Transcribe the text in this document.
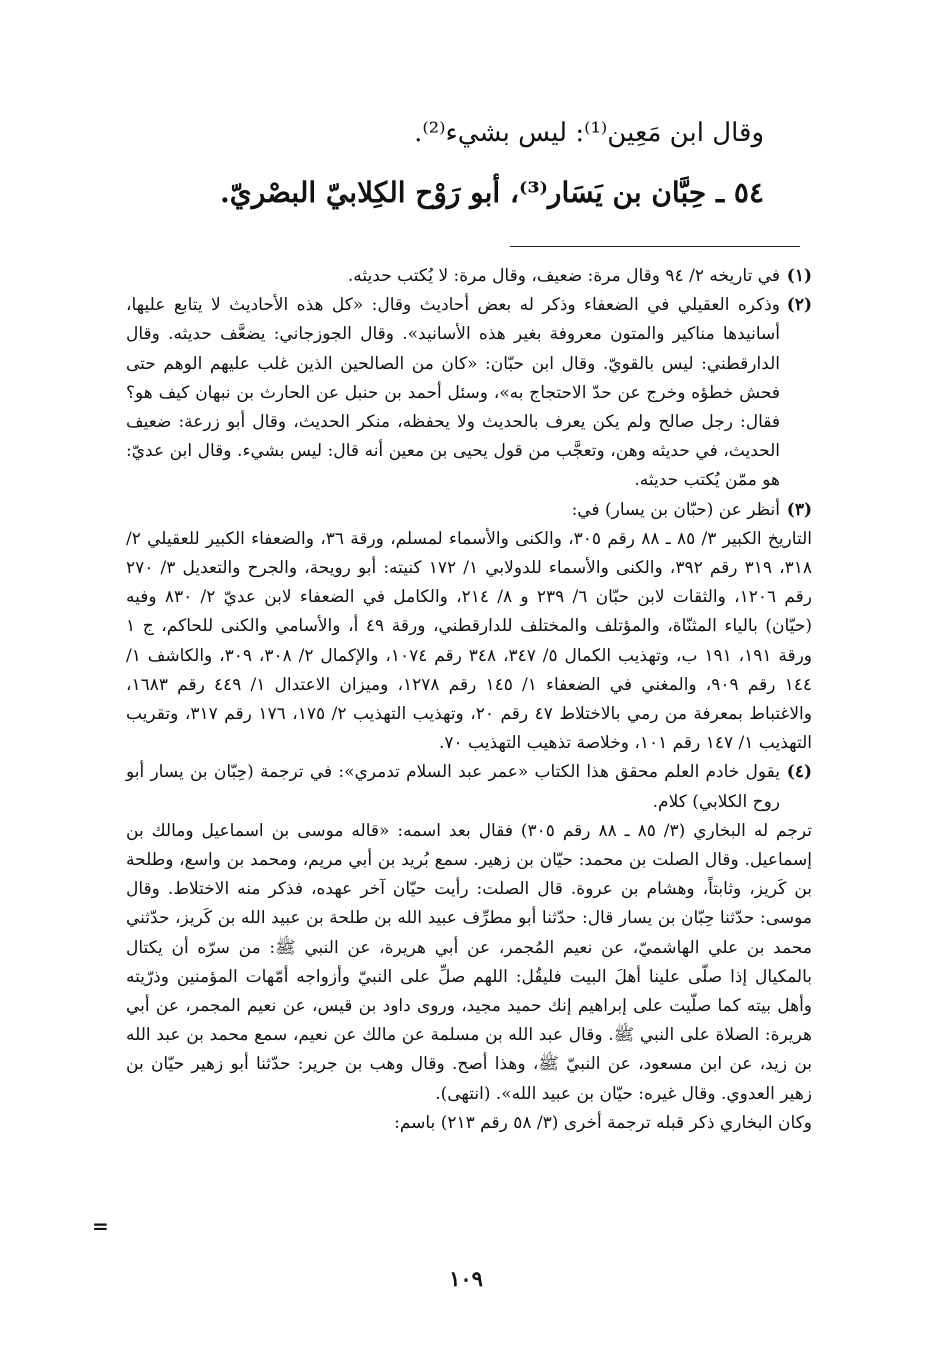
وقال ابن مَعِين⁽¹⁾: ليس بشيء⁽²⁾.
٥٤ ـ حِبَّان بن يَسَار⁽³⁾، أبو رَوْح الكِلابيّ البصْريّ.
(١)
في تاريخه ٢/ ٩٤ وقال مرة: ضعيف، وقال مرة: لا يُكتب حديثه.
(٢)
وذكره العقيلي في الضعفاء وذكر له بعض أحاديث وقال: «كل هذه الأحاديث لا يتابع عليها، أسانيدها مناكير والمتون معروفة بغير هذه الأسانيد». وقال الجوزجاني: يضعَّف حديثه. وقال الدارقطني: ليس بالقويّ. وقال ابن حبّان: «كان من الصالحين الذين غلب عليهم الوهم حتى فحش خطؤه وخرج عن حدّ الاحتجاج به»، وسئل أحمد بن حنبل عن الحارث بن نبهان كيف هو؟ فقال: رجل صالح ولم يكن يعرف بالحديث ولا يحفظه، منكر الحديث، وقال أبو زرعة: ضعيف الحديث، في حديثه وهن، وتعجَّب من قول يحيى بن معين أنه قال: ليس بشيء. وقال ابن عديّ: هو ممّن يُكتب حديثه.
(٣)
أنظر عن (حبّان بن يسار) في:
التاريخ الكبير ٣/ ٨٥ ـ ٨٨ رقم ٣٠٥، والكنى والأسماء لمسلم، ورقة ٣٦، والضعفاء الكبير للعقيلي ٢/ ٣١٨، ٣١٩ رقم ٣٩٢، والكنى والأسماء للدولابي ١/ ١٧٢ كنيته: أبو رويحة، والجرح والتعديل ٣/ ٢٧٠ رقم ١٢٠٦، والثقات لابن حبّان ٦/ ٢٣٩ و ٨/ ٢١٤، والكامل في الضعفاء لابن عديّ ٢/ ٨٣٠ وفيه (حيّان) بالياء المثنّاة، والمؤتلف والمختلف للدارقطني، ورقة ٤٩ أ، والأسامي والكنى للحاكم، ج ١ ورقة ١٩١، ١٩١ ب، وتهذيب الكمال ٥/ ٣٤٧، ٣٤٨ رقم ١٠٧٤، والإكمال ٢/ ٣٠٨، ٣٠٩، والكاشف ١/ ١٤٤ رقم ٩٠٩، والمغني في الضعفاء ١/ ١٤٥ رقم ١٢٧٨، وميزان الاعتدال ١/ ٤٤٩ رقم ١٦٨٣، والاغتباط بمعرفة من رمي بالاختلاط ٤٧ رقم ٢٠، وتهذيب التهذيب ٢/ ١٧٥، ١٧٦ رقم ٣١٧، وتقريب التهذيب ١/ ١٤٧ رقم ١٠١، وخلاصة تذهيب التهذيب ٧٠.
(٤)
يقول خادم العلم محقق هذا الكتاب «عمر عبد السلام تدمري»: في ترجمة (حِبّان بن يسار أبو روح الكلابي) كلام.
ترجم له البخاري (٣/ ٨٥ ـ ٨٨ رقم ٣٠٥) فقال بعد اسمه: «قاله موسى بن اسماعيل ومالك بن إسماعيل. وقال الصلت بن محمد: حيّان بن زهير. سمع بُريد بن أبي مريم، ومحمد بن واسع، وطلحة بن كَريز، وثابتاً، وهشام بن عروة. قال الصلت: رأيت حيّان آخر عهده، فذكر منه الاختلاط. وقال موسى: حدّثنا حِبّان بن يسار قال: حدّثنا أبو مطرِّف عبيد الله بن طلحة بن عبيد الله بن كَريز، حدّثني محمد بن علي الهاشميّ، عن نعيم المُجمر، عن أبي هريرة، عن النبي ﷺ: من سرّه أن يكتال بالمكيال إذا صلّى علينا أهلَ البيت فليقُل: اللهم صلِّ على النبيّ وأزواجه أمّهات المؤمنين وذرّيته وأهل بيته كما صلّيت على إبراهيم إنك حميد مجيد، وروى داود بن قيس، عن نعيم المجمر، عن أبي هريرة: الصلاة على النبي ﷺ. وقال عبد الله بن مسلمة عن مالك عن نعيم، سمع محمد بن عبد الله بن زيد، عن ابن مسعود، عن النبيّ ﷺ، وهذا أصح. وقال وهب بن جرير: حدّثنا أبو زهير حيّان بن زهير العدوي. وقال غيره: حيّان بن عبيد الله». (انتهى).
وكان البخاري ذكر قبله ترجمة أخرى (٣/ ٥٨ رقم ٢١٣) باسم:
=
١٠٩
